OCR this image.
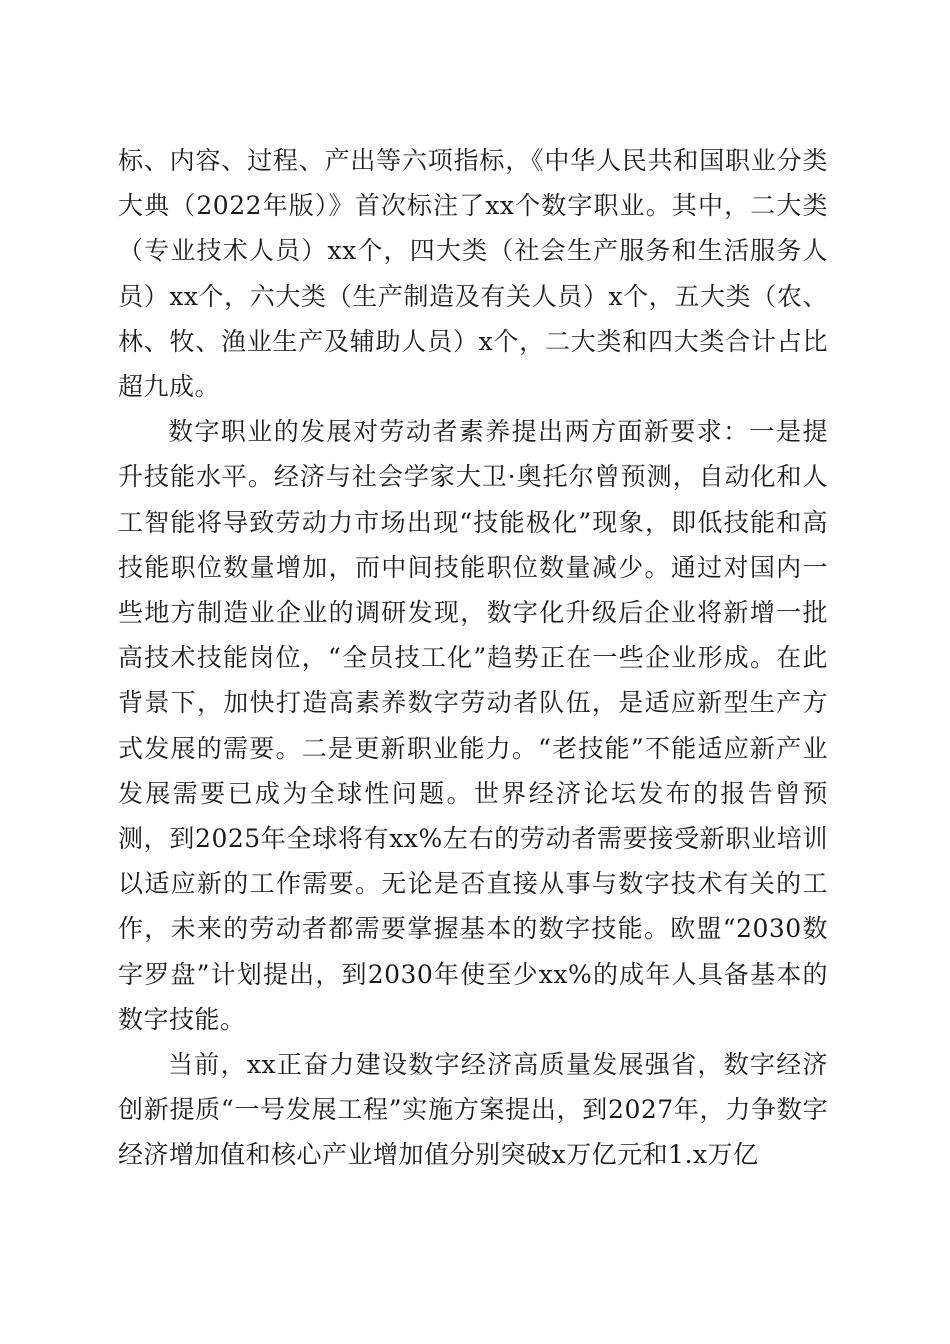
标、内容、过程、产出等六项指标，《中华人民共和国职业分类大典（2022年版）》首次标注了xx个数字职业。其中，二大类（专业技术人员）xx个，四大类（社会生产服务和生活服务人员）xx个，六大类（生产制造及有关人员）x个，五大类（农、林、牧、渔业生产及辅助人员）x个，二大类和四大类合计占比超九成。

数字职业的发展对劳动者素养提出两方面新要求：一是提升技能水平。经济与社会学家大卫·奥托尔曾预测，自动化和人工智能将导致劳动力市场出现“技能极化”现象，即低技能和高技能职位数量增加，而中间技能职位数量减少。通过对国内一些地方制造业企业的调研发现，数字化升级后企业将新增一批高技术技能岗位，“全员技工化”趋势正在一些企业形成。在此背景下，加快打造高素养数字劳动者队伍，是适应新型生产方式发展的需要。二是更新职业能力。“老技能”不能适应新产业发展需要已成为全球性问题。世界经济论坛发布的报告曾预测，到2025年全球将有xx%左右的劳动者需要接受新职业培训以适应新的工作需要。无论是否直接从事与数字技术有关的工作，未来的劳动者都需要掌握基本的数字技能。欧盟“2030数字罗盘”计划提出，到2030年使至少xx%的成年人具备基本的数字技能。

当前，xx正奋力建设数字经济高质量发展强省，数字经济创新提质“一号发展工程”实施方案提出，到2027年，力争数字经济增加值和核心产业增加值分别突破x万亿元和1.x万亿
